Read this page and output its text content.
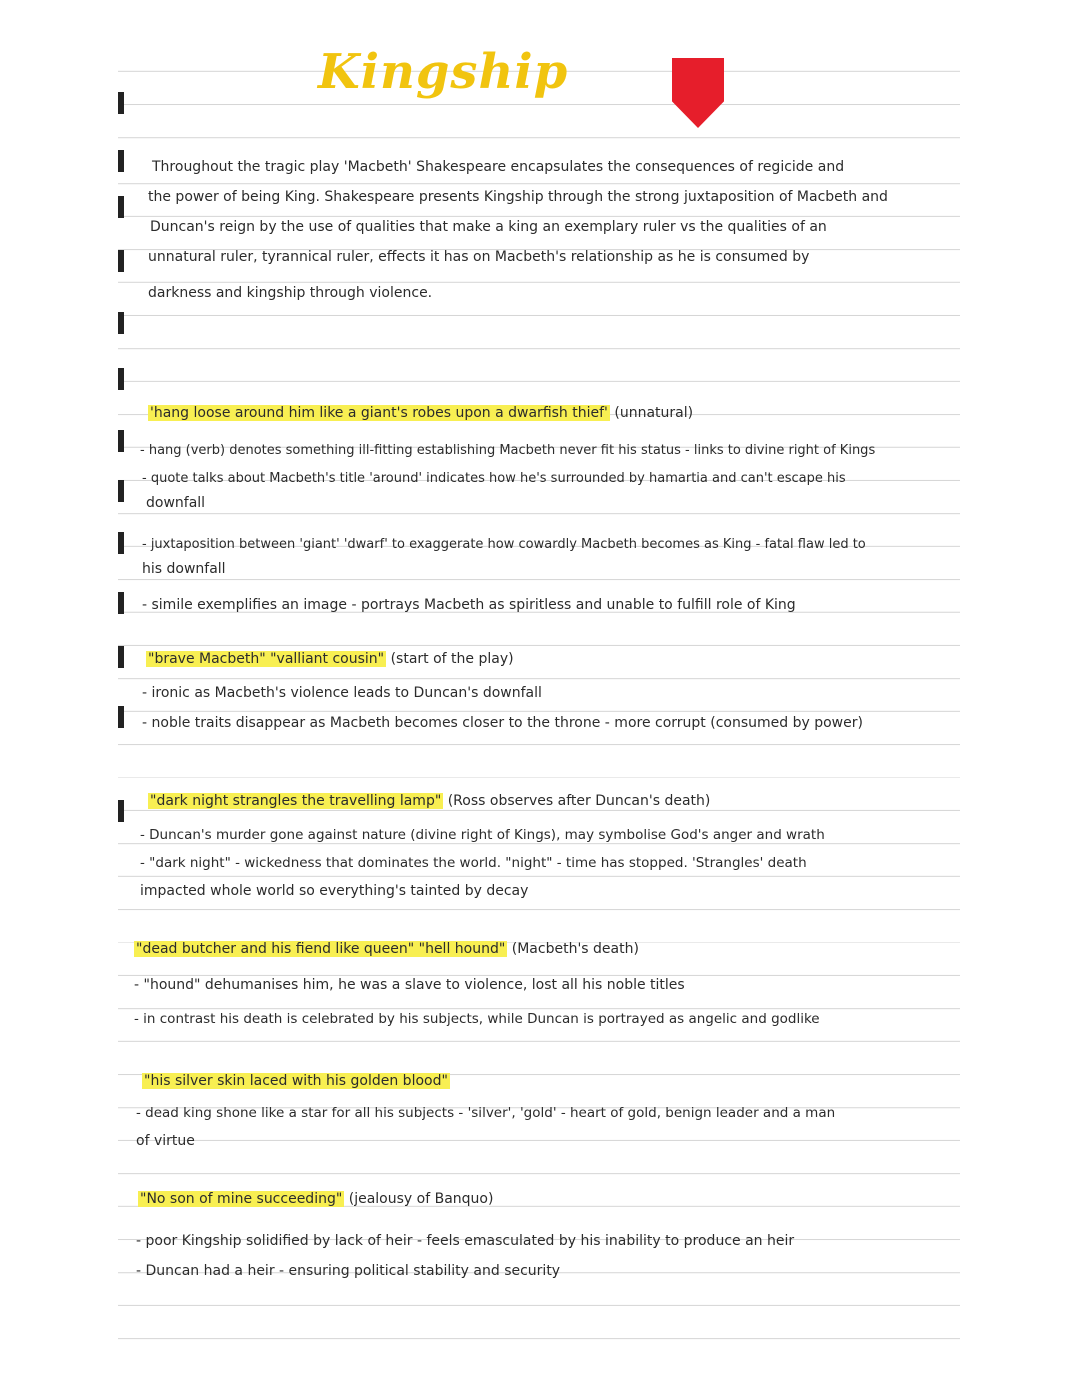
Kingship
Throughout the tragic play 'Macbeth' Shakespeare encapsulates the consequences of regicide and
the power of being King. Shakespeare presents Kingship through the strong juxtaposition of Macbeth and
Duncan's reign by the use of qualities that make a king an exemplary ruler vs the qualities of an
unnatural ruler, tyrannical ruler, effects it has on Macbeth's relationship as he is consumed by
darkness and kingship through violence.
'hang loose around him like a giant's robes upon a dwarfish thief' (unnatural)
- hang (verb) denotes something ill-fitting establishing Macbeth never fit his status - links to divine right of Kings
- quote talks about Macbeth's title 'around' indicates how he's surrounded by hamartia and can't escape his
downfall
- juxtaposition between 'giant' 'dwarf' to exaggerate how cowardly Macbeth becomes as King - fatal flaw led to
his downfall
- simile exemplifies an image - portrays Macbeth as spiritless and unable to fulfill role of King
"brave Macbeth" "valliant cousin" (start of the play)
- ironic as Macbeth's violence leads to Duncan's downfall
- noble traits disappear as Macbeth becomes closer to the throne - more corrupt (consumed by power)
"dark night strangles the travelling lamp" (Ross observes after Duncan's death)
- Duncan's murder gone against nature (divine right of Kings), may symbolise God's anger and wrath
- "dark night" - wickedness that dominates the world. "night" - time has stopped. 'Strangles' death
impacted whole world so everything's tainted by decay
"dead butcher and his fiend like queen" "hell hound" (Macbeth's death)
- "hound" dehumanises him, he was a slave to violence, lost all his noble titles
- in contrast his death is celebrated by his subjects, while Duncan is portrayed as angelic and godlike
"his silver skin laced with his golden blood"
- dead king shone like a star for all his subjects - 'silver', 'gold' - heart of gold, benign leader and a man
of virtue
"No son of mine succeeding" (jealousy of Banquo)
- poor Kingship solidified by lack of heir - feels emasculated by his inability to produce an heir
- Duncan had a heir - ensuring political stability and security
